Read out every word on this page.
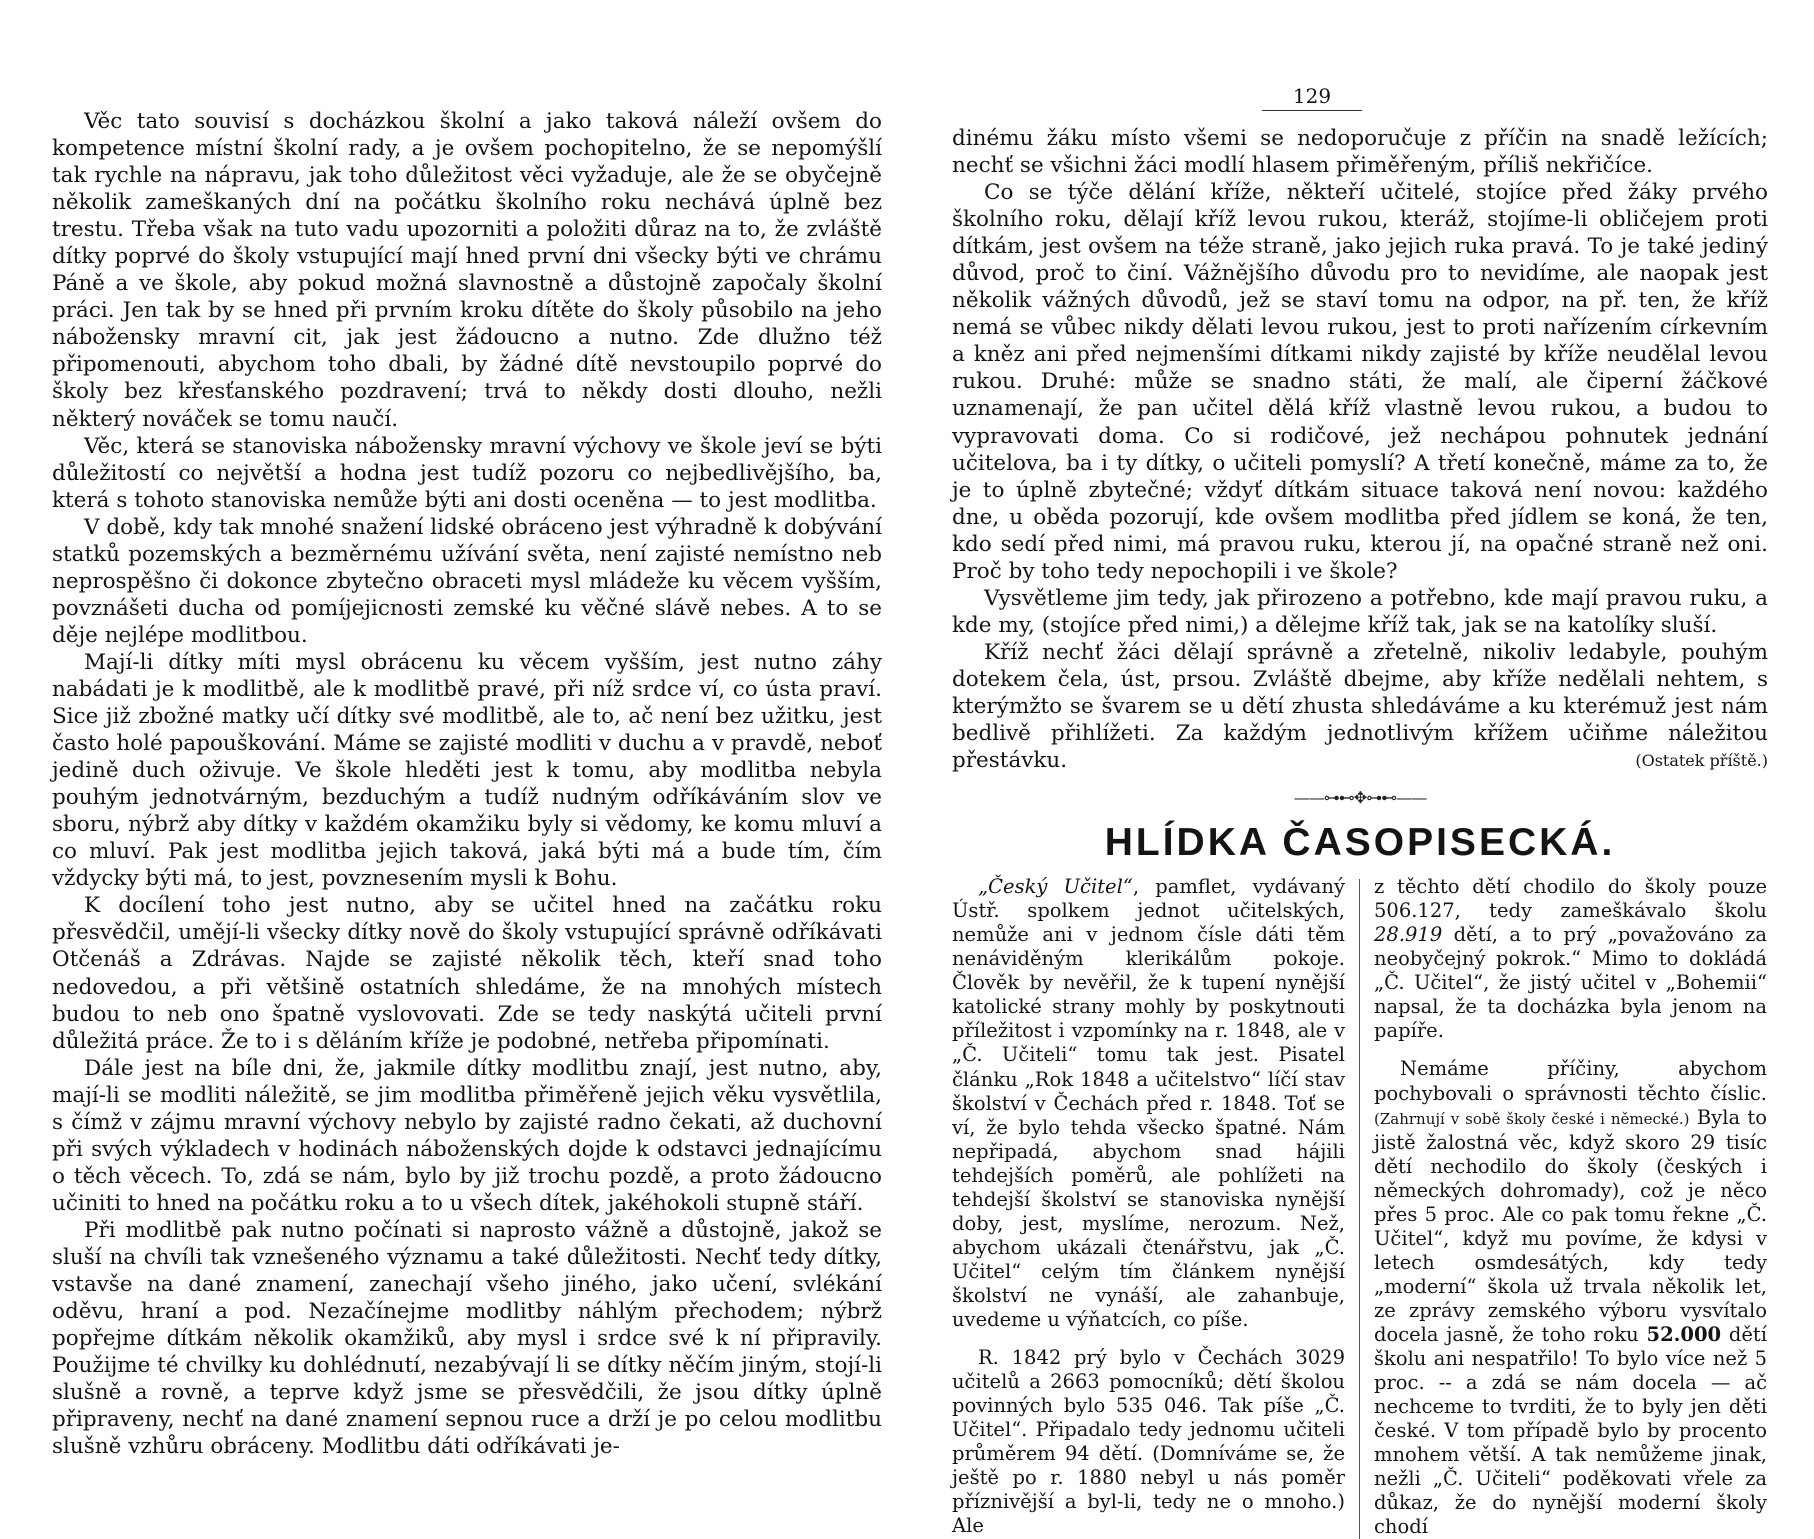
Věc tato souvisí s docházkou školní a jako taková náleží ovšem do kompetence místní školní rady, a je ovšem pochopitelno, že se nepomýšlí tak rychle na nápravu, jak toho důležitost věci vyžaduje, ale že se obyčejně několik zameškaných dní na počátku školního roku nechává úplně bez trestu. Třeba však na tuto vadu upozorniti a položiti důraz na to, že zvláště dítky poprvé do školy vstupující mají hned první dni všecky býti ve chrámu Páně a ve škole, aby pokud možná slavnostně a důstojně započaly školní práci. Jen tak by se hned při prvním kroku dítěte do školy působilo na jeho nábožensky mravní cit, jak jest žádoucno a nutno. Zde dlužno též připomenouti, abychom toho dbali, by žádné dítě nevstoupilo poprvé do školy bez křesťanského pozdravení; trvá to někdy dosti dlouho, nežli některý nováček se tomu naučí.

Věc, která se stanoviska nábožensky mravní výchovy ve škole jeví se býti důležitostí co největší a hodna jest tudíž pozoru co nejbedlivějšího, ba, která s tohoto stanoviska nemůže býti ani dosti oceněna — to jest modlitba.

V době, kdy tak mnohé snažení lidské obráceno jest výhradně k dobývání statků pozemských a bezměrnému užívání světa, není zajisté nemístno neb neprospěšno či dokonce zbytečno obraceti mysl mládeže ku věcem vyšším, povznášeti ducha od pomíjejicnosti zemské ku věčné slávě nebes. A to se děje nejlépe modlitbou.

Mají-li dítky míti mysl obrácenu ku věcem vyšším, jest nutno záhy nabádati je k modlitbě, ale k modlitbě pravé, při níž srdce ví, co ústa praví. Sice již zbožné matky učí dítky své modlitbě, ale to, ač není bez užitku, jest často holé papouškování. Máme se zajisté modliti v duchu a v pravdě, neboť jedině duch oživuje. Ve škole hleděti jest k tomu, aby modlitba nebyla pouhým jednotvárným, bezduchým a tudíž nudným odříkáváním slov ve sboru, nýbrž aby dítky v každém okamžiku byly si vědomy, ke komu mluví a co mluví. Pak jest modlitba jejich taková, jaká býti má a bude tím, čím vždycky býti má, to jest, povznesením mysli k Bohu.

K docílení toho jest nutno, aby se učitel hned na začátku roku přesvědčil, umějí-li všecky dítky nově do školy vstupující správně odříkávati Otčenáš a Zdrávas. Najde se zajisté několik těch, kteří snad toho nedovedou, a při většině ostatních shledáme, že na mnohých místech budou to neb ono špatně vyslovovati. Zde se tedy naskýtá učiteli první důležitá práce. Že to i s děláním kříže je podobné, netřeba připomínati.

Dále jest na bíle dni, že, jakmile dítky modlitbu znají, jest nutno, aby, mají-li se modliti náležitě, se jim modlitba přiměřeně jejich věku vysvětlila, s čímž v zájmu mravní výchovy nebylo by zajisté radno čekati, až duchovní při svých výkladech v hodinách náboženských dojde k odstavci jednajícímu o těch věcech. To, zdá se nám, bylo by již trochu pozdě, a proto žádoucno učiniti to hned na počátku roku a to u všech dítek, jakéhokoli stupně stáří.

Při modlitbě pak nutno počínati si naprosto vážně a důstojně, jakož se sluší na chvíli tak vznešeného významu a také důležitosti. Nechť tedy dítky, vstavše na dané znamení, zanechají všeho jiného, jako učení, svlékání oděvu, hraní a pod. Nezačínejme modlitby náhlým přechodem; nýbrž popřejme dítkám několik okamžiků, aby mysl i srdce své k ní připravily. Použijme té chvilky ku dohlédnutí, nezabývají li se dítky něčím jiným, stojí-li slušně a rovně, a teprve když jsme se přesvědčili, že jsou dítky úplně připraveny, nechť na dané znamení sepnou ruce a drží je po celou modlitbu slušně vzhůru obráceny. Modlitbu dáti odříkávati je-

129

dinému žáku místo všemi se nedoporučuje z příčin na snadě ležících; nechť se všichni žáci modlí hlasem přiměřeným, příliš nekřičíce.

Co se týče dělání kříže, někteří učitelé, stojíce před žáky prvého školního roku, dělají kříž levou rukou, kteráž, stojíme-li obličejem proti dítkám, jest ovšem na téže straně, jako jejich ruka pravá. To je také jediný důvod, proč to činí. Vážnějšího důvodu pro to nevidíme, ale naopak jest několik vážných důvodů, jež se staví tomu na odpor, na př. ten, že kříž nemá se vůbec nikdy dělati levou rukou, jest to proti nařízením církevním a kněz ani před nejmenšími dítkami nikdy zajisté by kříže neudělal levou rukou. Druhé: může se snadno státi, že malí, ale čiperní žáčkové uznamenají, že pan učitel dělá kříž vlastně levou rukou, a budou to vypravovati doma. Co si rodičové, jež nechápou pohnutek jednání učitelova, ba i ty dítky, o učiteli pomyslí? A třetí konečně, máme za to, že je to úplně zbytečné; vždyť dítkám situace taková není novou: každého dne, u oběda pozorují, kde ovšem modlitba před jídlem se koná, že ten, kdo sedí před nimi, má pravou ruku, kterou jí, na opačné straně než oni. Proč by toho tedy nepochopili i ve škole?

Vysvětleme jim tedy, jak přirozeno a potřebno, kde mají pravou ruku, a kde my, (stojíce před nimi,) a dělejme kříž tak, jak se na katolíky sluší.

Kříž nechť žáci dělají správně a zřetelně, nikoliv ledabyle, pouhým dotekem čela, úst, prsou. Zvláště dbejme, aby kříže nedělali nehtem, s kterýmžto se švarem se u dětí zhusta shledáváme a ku kterémuž jest nám bedlivě přihlížeti. Za každým jednotlivým křížem učiňme náležitou přestávku.	(Ostatek příště.)

——⊶⊷✥⊶⊷——
HLÍDKA ČASOPISECKÁ.

„Český Učitel“, pamflet, vydávaný Ústř. spolkem jednot učitelských, nemůže ani v jednom čísle dáti těm nenáviděným klerikálům pokoje. Člověk by nevěřil, že k tupení nynější katolické strany mohly by poskytnouti příležitost i vzpomínky na r. 1848, ale v „Č. Učiteli“ tomu tak jest. Pisatel článku „Rok 1848 a učitelstvo“ líčí stav školství v Čechách před r. 1848. Toť se ví, že bylo tehda všecko špatné. Nám nepřipadá, abychom snad hájili tehdejších poměrů, ale pohlížeti na tehdejší školství se stanoviska nynější doby, jest, myslíme, nerozum. Než, abychom ukázali čtenářstvu, jak „Č. Učitel“ celým tím článkem nynější školství ne vynáší, ale zahanbuje, uvedeme u výňatcích, co píše.

R. 1842 prý bylo v Čechách 3029 učitelů a 2663 pomocníků; dětí školou povinných bylo 535 046. Tak píše „Č. Učitel“. Připadalo tedy jednomu učiteli průměrem 94 dětí. (Domníváme se, že ještě po r. 1880 nebyl u nás poměr příznivější a byl-li, tedy ne o mnoho.) Ale

z těchto dětí chodilo do školy pouze 506.127, tedy zameškávalo školu 28.919 dětí, a to prý „považováno za neobyčejný pokrok.“ Mimo to dokládá „Č. Učitel“, že jistý učitel v „Bohemii“ napsal, že ta docházka byla jenom na papíře.

Nemáme příčiny, abychom pochybovali o správnosti těchto číslic. (Zahrnují v sobě školy české i německé.) Byla to jistě žalostná věc, když skoro 29 tisíc dětí nechodilo do školy (českých i německých dohromady), což je něco přes 5 proc. Ale co pak tomu řekne „Č. Učitel“, když mu povíme, že kdysi v letech osmdesátých, kdy tedy „moderní“ škola už trvala několik let, ze zprávy zemského výboru vysvítalo docela jasně, že toho roku 52.000 dětí školu ani nespatřilo! To bylo více než 5 proc. -- a zdá se nám docela — ač nechceme to tvrditi, že to byly jen děti české. V tom případě bylo by procento mnohem větší. A tak nemůžeme jinak, nežli „Č. Učiteli“ poděkovati vřele za důkaz, že do nynější moderní školy chodí
